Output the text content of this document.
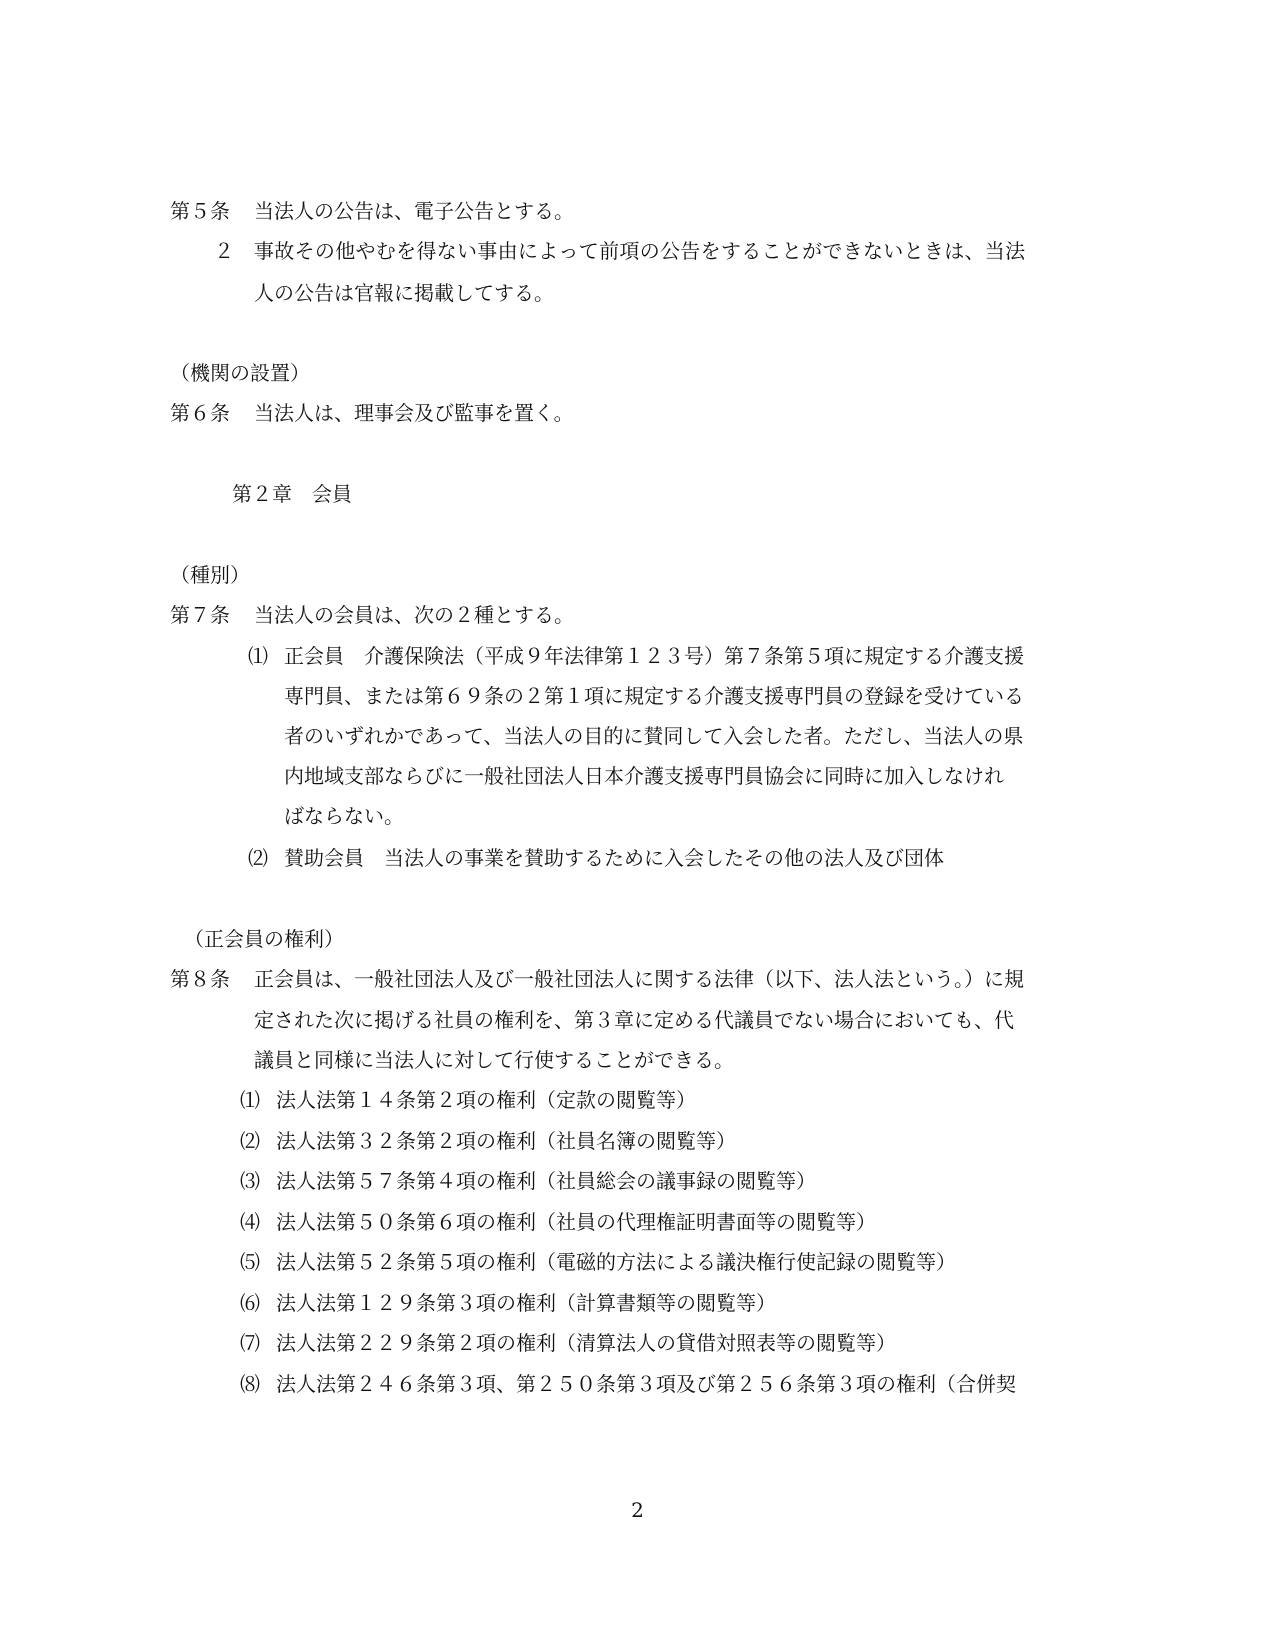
第５条 当法人の公告は、電子公告とする。
２ 事故その他やむを得ない事由によって前項の公告をすることができないときは、当法
人の公告は官報に掲載してする。
（機関の設置）
第６条 当法人は、理事会及び監事を置く。
第２章　会員
（種別）
第７条 当法人の会員は、次の２種とする。
⑴ 正会員　介護保険法（平成９年法律第１２３号）第７条第５項に規定する介護支援
専門員、または第６９条の２第１項に規定する介護支援専門員の登録を受けている
者のいずれかであって、当法人の目的に賛同して入会した者。ただし、当法人の県
内地域支部ならびに一般社団法人日本介護支援専門員協会に同時に加入しなけれ
ばならない。
⑵ 賛助会員　当法人の事業を賛助するために入会したその他の法人及び団体
（正会員の権利）
第８条 正会員は、一般社団法人及び一般社団法人に関する法律（以下、法人法という。）に規
定された次に掲げる社員の権利を、第３章に定める代議員でない場合においても、代
議員と同様に当法人に対して行使することができる。
⑴ 法人法第１４条第２項の権利（定款の閲覧等）
⑵ 法人法第３２条第２項の権利（社員名簿の閲覧等）
⑶ 法人法第５７条第４項の権利（社員総会の議事録の閲覧等）
⑷ 法人法第５０条第６項の権利（社員の代理権証明書面等の閲覧等）
⑸ 法人法第５２条第５項の権利（電磁的方法による議決権行使記録の閲覧等）
⑹ 法人法第１２９条第３項の権利（計算書類等の閲覧等）
⑺ 法人法第２２９条第２項の権利（清算法人の貸借対照表等の閲覧等）
⑻ 法人法第２４６条第３項、第２５０条第３項及び第２５６条第３項の権利（合併契
2
